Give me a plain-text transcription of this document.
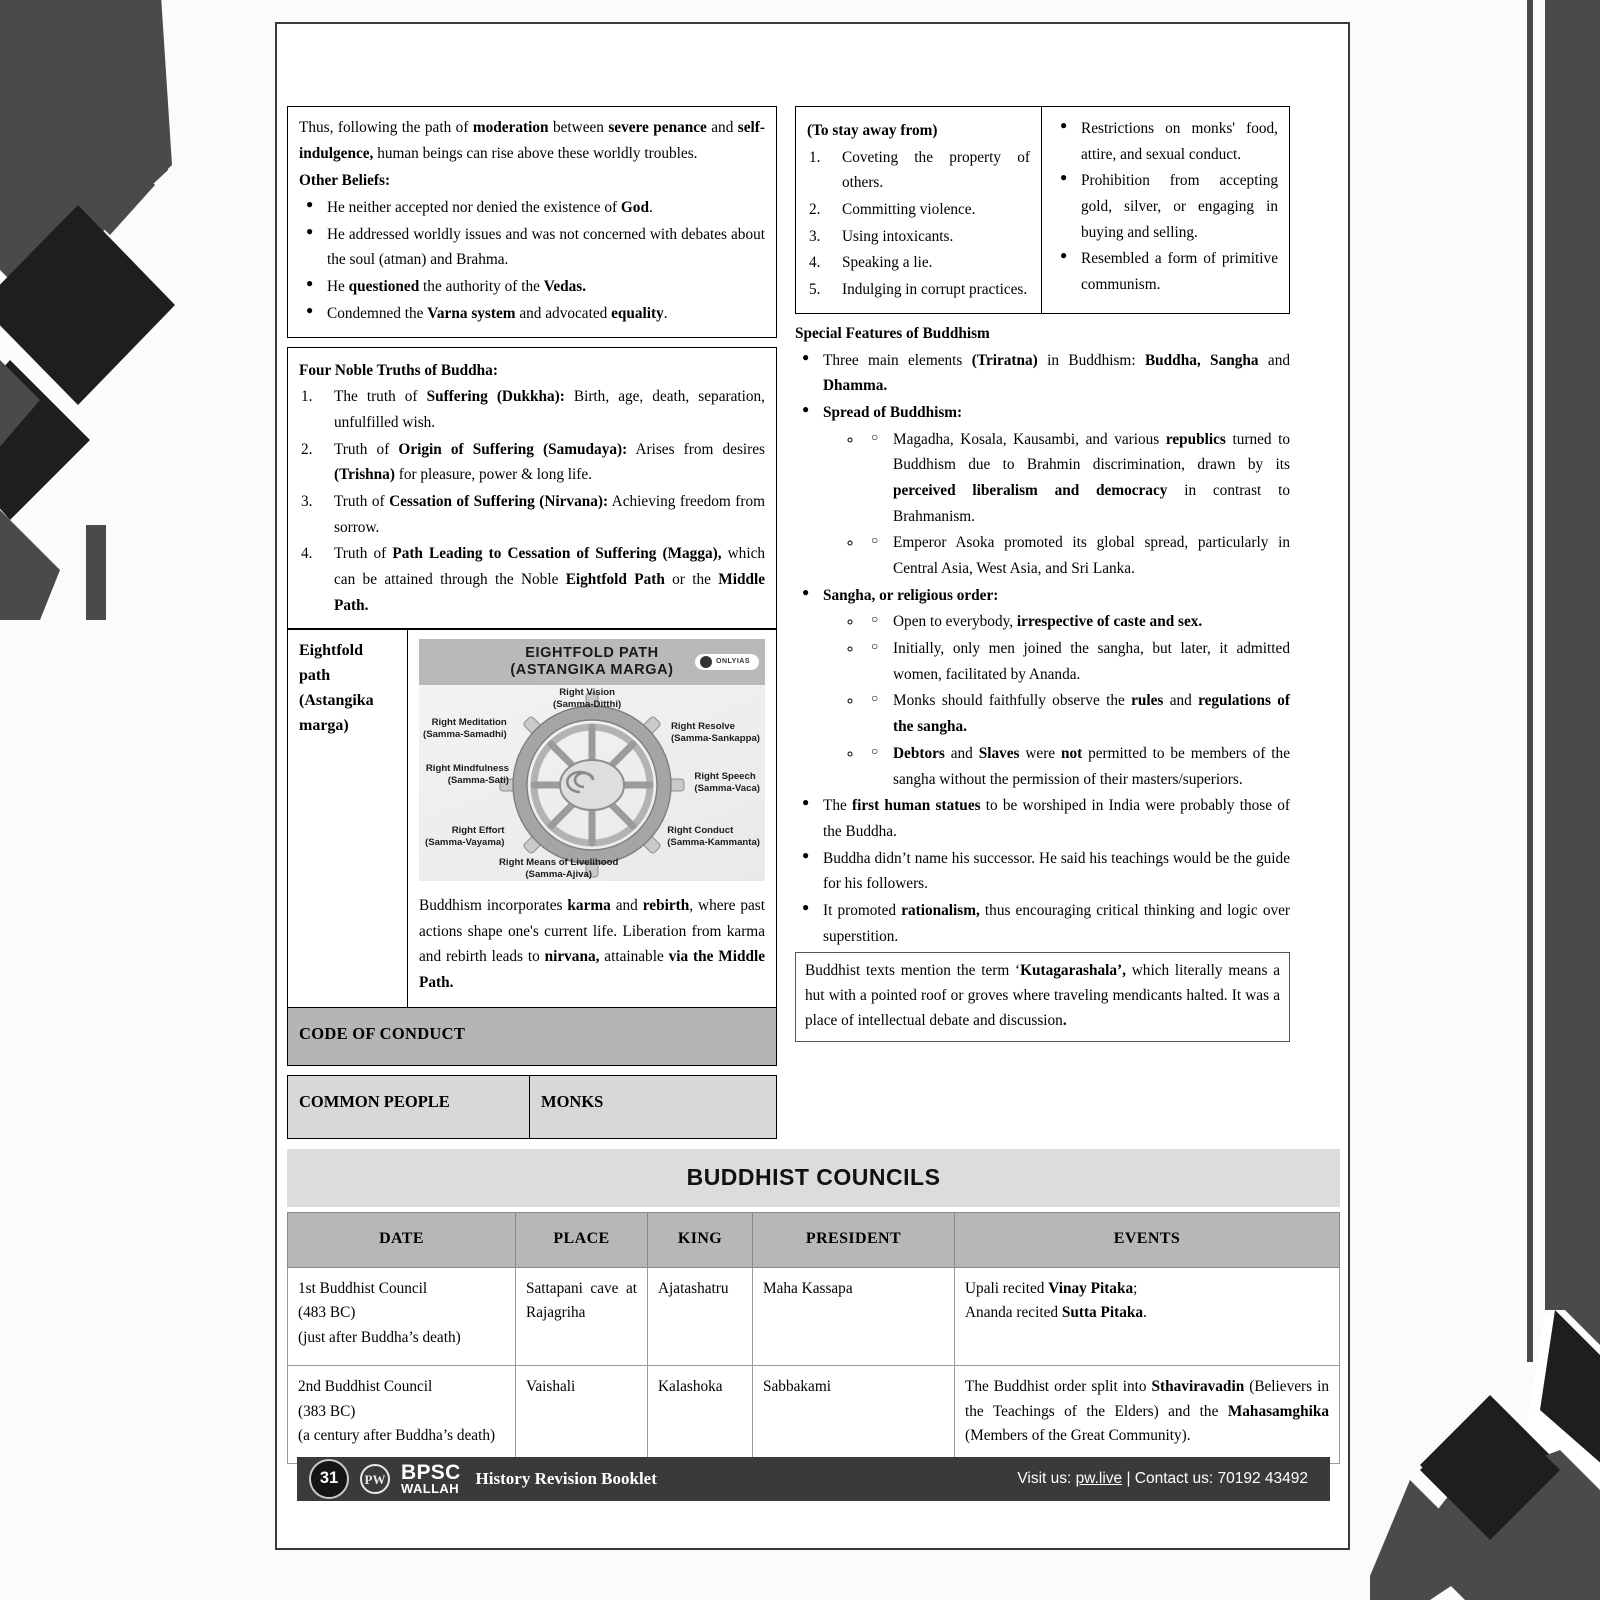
Thus, following the path of moderation between severe penance and self-indulgence, human beings can rise above these worldly troubles.

Other Beliefs:

● He neither accepted nor denied the existence of God.
● He addressed worldly issues and was not concerned with debates about the soul (atman) and Brahma.
● He questioned the authority of the Vedas.
● Condemned the Varna system and advocated equality.

Four Noble Truths of Buddha:

1.	The truth of Suffering (Dukkha): Birth, age, death, separation, unfulfilled wish.
2.	Truth of Origin of Suffering (Samudaya): Arises from desires (Trishna) for pleasure, power & long life.
3.	Truth of Cessation of Suffering (Nirvana): Achieving freedom from sorrow.
4.	Truth of Path Leading to Cessation of Suffering (Magga), which can be attained through the Noble Eightfold Path or the Middle Path.
Eightfold path (Astangika marga)	
EIGHTFOLD PATH
(ASTANGIKA MARGA)	ONLYIAS
Right Vision
(Samma-Ditthi)
Right Resolve
(Samma-Sankappa)
Right Speech
(Samma-Vaca)
Right Conduct
(Samma-Kammanta)
Right Means of Livelihood
(Samma-Ajiva)
Right Effort
(Samma-Vayama)
Right Mindfulness
(Samma-Sati)
Right Meditation
(Samma-Samadhi)

Buddhism incorporates karma and rebirth, where past actions shape one's current life. Liberation from karma and rebirth leads to nirvana, attainable via the Middle Path.

CODE OF CONDUCT
COMMON PEOPLE	MONKS

(To stay away from)

1.	Coveting the property of others.
2.	Committing violence.
3.	Using intoxicants.
4.	Speaking a lie.
5.	Indulging in corrupt practices.
● Restrictions on monks' food, attire, and sexual conduct.
● Prohibition from accepting gold, silver, or engaging in buying and selling.
● Resembled a form of primitive communism.

Special Features of Buddhism

● Three main elements (Triratna) in Buddhism: Buddha, Sangha and Dhamma.
● Spread of Buddhism:
○ ◦ Magadha, Kosala, Kausambi, and various republics turned to Buddhism due to Brahmin discrimination, drawn by its perceived liberalism and democracy in contrast to Brahmanism.
○ ◦ Emperor Asoka promoted its global spread, particularly in Central Asia, West Asia, and Sri Lanka.
● Sangha, or religious order:
○ ◦ Open to everybody, irrespective of caste and sex.
○ ◦ Initially, only men joined the sangha, but later, it admitted women, facilitated by Ananda.
○ ◦ Monks should faithfully observe the rules and regulations of the sangha.
○ ◦ Debtors and Slaves were not permitted to be members of the sangha without the permission of their masters/superiors.
● The first human statues to be worshiped in India were probably those of the Buddha.
● Buddha didn’t name his successor. He said his teachings would be the guide for his followers.
● It promoted rationalism, thus encouraging critical thinking and logic over superstition.

Buddhist texts mention the term ‘Kutagarashala’, which literally means a hut with a pointed roof or groves where traveling mendicants halted. It was a place of intellectual debate and discussion.

BUDDHIST COUNCILS
DATE	PLACE	KING	PRESIDENT	EVENTS
1st Buddhist Council
(483 BC)
(just after Buddha’s death)	Sattapani cave at Rajagriha	Ajatashatru	Maha Kassapa	Upali recited Vinay Pitaka;
Ananda recited Sutta Pitaka.
2nd Buddhist Council
(383 BC)
(a century after Buddha’s death)	Vaishali	Kalashoka	Sabbakami	The Buddhist order split into Sthaviravadin (Believers in the Teachings of the Elders) and the Mahasamghika (Members of the Great Community).
31	PW BPSC
WALLAH
History Revision Booklet	Visit us: pw.live | Contact us: 70192 43492
